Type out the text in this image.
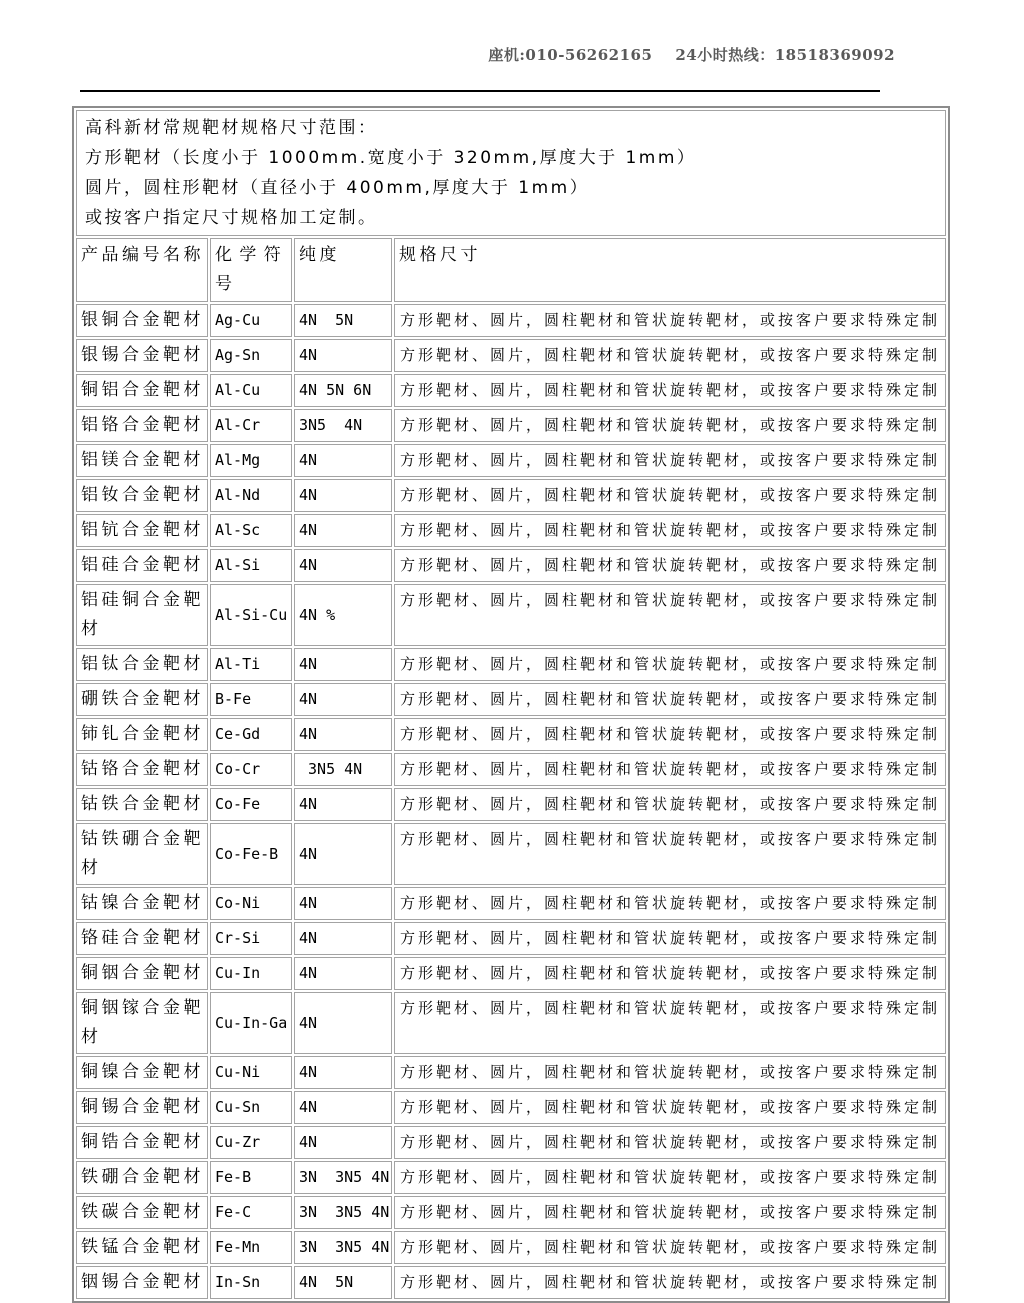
座机:010-56262165    24小时热线：18518369092

高科新材常规靶材规格尺寸范围：

方形靶材（长度小于 1000mm.宽度小于 320mm,厚度大于 1mm）

圆片，圆柱形靶材（直径小于 400mm,厚度大于 1mm）

或按客户指定尺寸规格加工定制。			

产品编号名称	化 学 符号	纯度	规格尺寸
银铜合金靶材	Ag-Cu	4N  5N	方形靶材、圆片，圆柱靶材和管状旋转靶材，或按客户要求特殊定制
银锡合金靶材	Ag-Sn	4N	方形靶材、圆片，圆柱靶材和管状旋转靶材，或按客户要求特殊定制
铜铝合金靶材	Al-Cu	4N 5N 6N	方形靶材、圆片，圆柱靶材和管状旋转靶材，或按客户要求特殊定制
铝铬合金靶材	Al-Cr	3N5  4N	方形靶材、圆片，圆柱靶材和管状旋转靶材，或按客户要求特殊定制
铝镁合金靶材	Al-Mg	4N	方形靶材、圆片，圆柱靶材和管状旋转靶材，或按客户要求特殊定制
铝钕合金靶材	Al-Nd	4N	方形靶材、圆片，圆柱靶材和管状旋转靶材，或按客户要求特殊定制
铝钪合金靶材	Al-Sc	4N	方形靶材、圆片，圆柱靶材和管状旋转靶材，或按客户要求特殊定制
铝硅合金靶材	Al-Si	4N	方形靶材、圆片，圆柱靶材和管状旋转靶材，或按客户要求特殊定制
铝硅铜合金靶材	Al-Si-Cu	4N %	方形靶材、圆片，圆柱靶材和管状旋转靶材，或按客户要求特殊定制
铝钛合金靶材	Al-Ti	4N	方形靶材、圆片，圆柱靶材和管状旋转靶材，或按客户要求特殊定制
硼铁合金靶材	B-Fe	4N	方形靶材、圆片，圆柱靶材和管状旋转靶材，或按客户要求特殊定制
铈钆合金靶材	Ce-Gd	4N	方形靶材、圆片，圆柱靶材和管状旋转靶材，或按客户要求特殊定制
钴铬合金靶材	Co-Cr	3N5 4N	方形靶材、圆片，圆柱靶材和管状旋转靶材，或按客户要求特殊定制
钴铁合金靶材	Co-Fe	4N	方形靶材、圆片，圆柱靶材和管状旋转靶材，或按客户要求特殊定制
钴铁硼合金靶材	Co-Fe-B	4N	方形靶材、圆片，圆柱靶材和管状旋转靶材，或按客户要求特殊定制
钴镍合金靶材	Co-Ni	4N	方形靶材、圆片，圆柱靶材和管状旋转靶材，或按客户要求特殊定制
铬硅合金靶材	Cr-Si	4N	方形靶材、圆片，圆柱靶材和管状旋转靶材，或按客户要求特殊定制
铜铟合金靶材	Cu-In	4N	方形靶材、圆片，圆柱靶材和管状旋转靶材，或按客户要求特殊定制
铜铟镓合金靶材	Cu-In-Ga	4N	方形靶材、圆片，圆柱靶材和管状旋转靶材，或按客户要求特殊定制
铜镍合金靶材	Cu-Ni	4N	方形靶材、圆片，圆柱靶材和管状旋转靶材，或按客户要求特殊定制
铜锡合金靶材	Cu-Sn	4N	方形靶材、圆片，圆柱靶材和管状旋转靶材，或按客户要求特殊定制
铜锆合金靶材	Cu-Zr	4N	方形靶材、圆片，圆柱靶材和管状旋转靶材，或按客户要求特殊定制
铁硼合金靶材	Fe-B	3N  3N5 4N	方形靶材、圆片，圆柱靶材和管状旋转靶材，或按客户要求特殊定制
铁碳合金靶材	Fe-C	3N  3N5 4N	方形靶材、圆片，圆柱靶材和管状旋转靶材，或按客户要求特殊定制
铁锰合金靶材	Fe-Mn	3N  3N5 4N	方形靶材、圆片，圆柱靶材和管状旋转靶材，或按客户要求特殊定制
铟锡合金靶材	In-Sn	4N  5N	方形靶材、圆片，圆柱靶材和管状旋转靶材，或按客户要求特殊定制
